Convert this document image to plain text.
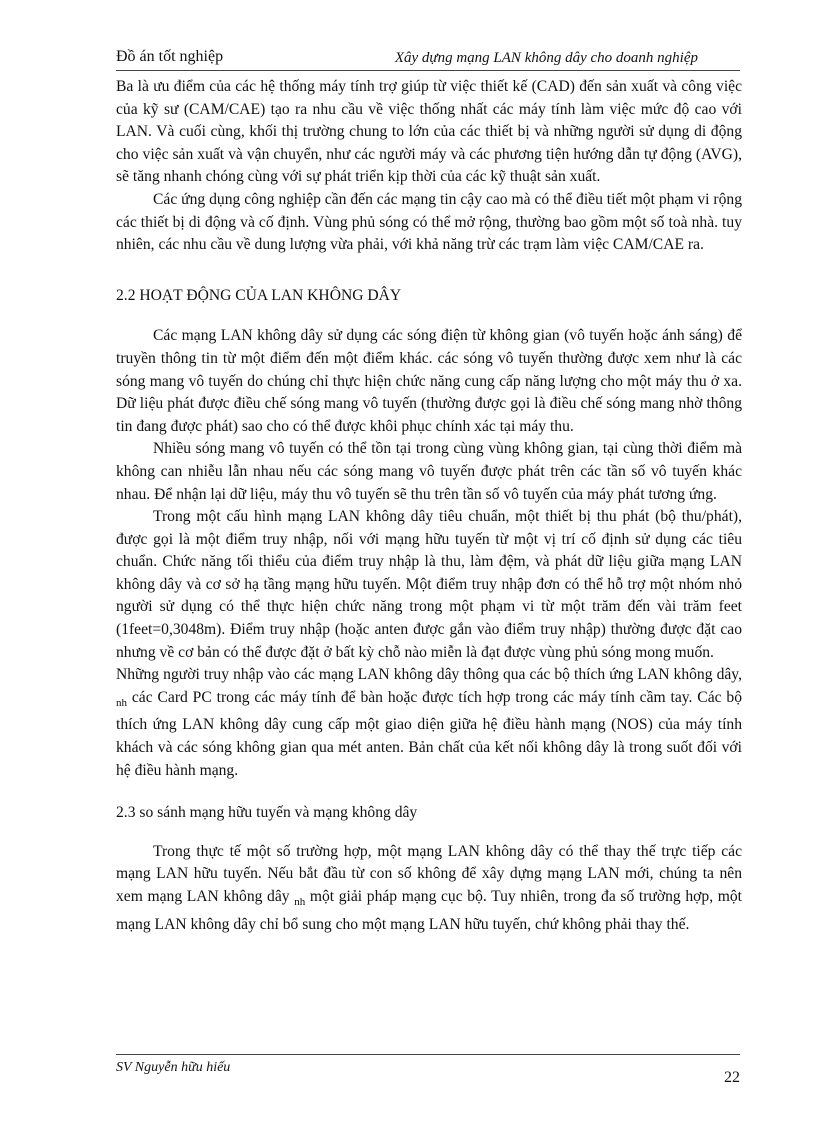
Đồ án tốt nghiệp	Xây dựng mạng LAN không dây cho doanh nghiệp

Ba là ưu điểm của các hệ thống máy tính trợ giúp từ việc thiết kế (CAD) đến sản xuất và công việc của kỹ sư (CAM/CAE) tạo ra nhu cầu về việc thống nhất các máy tính làm việc mức độ cao với LAN. Và cuối cùng, khối thị trường chung to lớn của các thiết bị và những người sử dụng di động cho việc sản xuất và vận chuyển, như các người máy và các phương tiện hướng dẫn tự động (AVG), sẽ tăng nhanh chóng cùng với sự phát triển kịp thời của các kỹ thuật sản xuất.

Các ứng dụng công nghiệp cần đến các mạng tin cậy cao mà có thể điều tiết một phạm vi rộng các thiết bị di động và cố định. Vùng phủ sóng có thể mở rộng, thường bao gồm một số toà nhà. tuy nhiên, các nhu cầu về dung lượng vừa phải, với khả năng trừ các trạm làm việc CAM/CAE ra.

2.2 HOẠT ĐỘNG CỦA LAN KHÔNG DÂY

Các mạng LAN không dây sử dụng các sóng điện từ không gian (vô tuyến hoặc ánh sáng) để truyền thông tin từ một điểm đến một điểm khác. các sóng vô tuyến thường được xem như là các sóng mang vô tuyến do chúng chỉ thực hiện chức năng cung cấp năng lượng cho một máy thu ở xa. Dữ liệu phát được điều chế sóng mang vô tuyến (thường được gọi là điều chế sóng mang nhờ thông tin đang được phát) sao cho có thể được khôi phục chính xác tại máy thu.

Nhiều sóng mang vô tuyến có thể tồn tại trong cùng vùng không gian, tại cùng thời điểm mà không can nhiễu lẫn nhau nếu các sóng mang vô tuyến được phát trên các tần số vô tuyến khác nhau. Để nhận lại dữ liệu, máy thu vô tuyến sẽ thu trên tần số vô tuyến của máy phát tương ứng.

Trong một cấu hình mạng LAN không dây tiêu chuẩn, một thiết bị thu phát (bộ thu/phát), được gọi là một điểm truy nhập, nối với mạng hữu tuyến từ một vị trí cố định sử dụng các tiêu chuẩn. Chức năng tối thiểu của điểm truy nhập là thu, làm đệm, và phát dữ liệu giữa mạng LAN không dây và cơ sở hạ tầng mạng hữu tuyến. Một điểm truy nhập đơn có thể hỗ trợ một nhóm nhỏ người sử dụng có thể thực hiện chức năng trong một phạm vi từ một trăm đến vài trăm feet (1feet=0,3048m). Điểm truy nhập (hoặc anten được gắn vào điểm truy nhập) thường được đặt cao nhưng về cơ bản có thể được đặt ở bất kỳ chỗ nào miễn là đạt được vùng phủ sóng mong muốn.

Những người truy nhập vào các mạng LAN không dây thông qua các bộ thích ứng LAN không dây, $_{nh}$ các Card PC trong các máy tính để bàn hoặc được tích hợp trong các máy tính cầm tay. Các bộ thích ứng LAN không dây cung cấp một giao diện giữa hệ điều hành mạng (NOS) của máy tính khách và các sóng không gian qua mét anten. Bản chất của kết nối không dây là trong suốt đối với hệ điều hành mạng.

2.3 so sánh mạng hữu tuyến và mạng không dây

Trong thực tế một số trường hợp, một mạng LAN không dây có thể thay thế trực tiếp các mạng LAN hữu tuyến. Nếu bắt đầu từ con số không để xây dựng mạng LAN mới, chúng ta nên xem mạng LAN không dây $_{nh}$ một giải pháp mạng cục bộ. Tuy nhiên, trong đa số trường hợp, một mạng LAN không dây chỉ bổ sung cho một mạng LAN hữu tuyến, chứ không phải thay thế.

SV Nguyễn hữu hiếu
22
